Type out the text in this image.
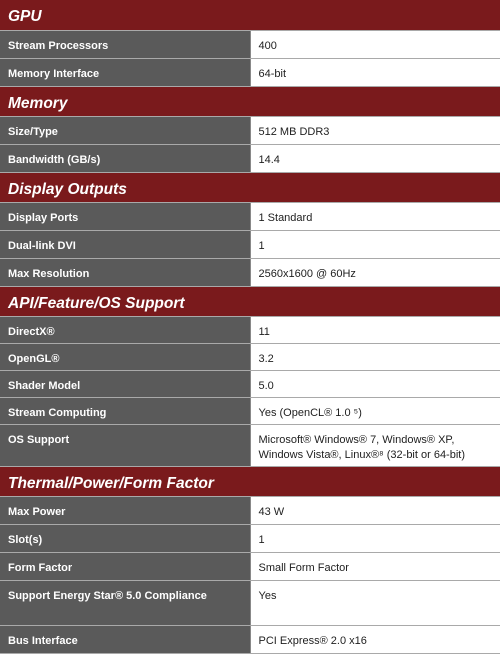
GPU	
Stream Processors	400
Memory Interface	64-bit
Memory	
Size/Type	512 MB DDR3
Bandwidth (GB/s)	14.4
Display Outputs	
Display Ports	1 Standard
Dual-link DVI	1
Max Resolution	2560x1600 @ 60Hz
API/Feature/OS Support	
DirectX®	11
OpenGL®	3.2
Shader Model	5.0
Stream Computing	Yes (OpenCL® 1.0 ⁵)
OS Support	Microsoft® Windows® 7, Windows® XP, Windows Vista®, Linux®⁸ (32-bit or 64-bit)
Thermal/Power/Form Factor	
Max Power	43 W
Slot(s)	1
Form Factor	Small Form Factor
Support Energy Star® 5.0 Compliance	Yes
Bus Interface	PCI Express® 2.0 x16
